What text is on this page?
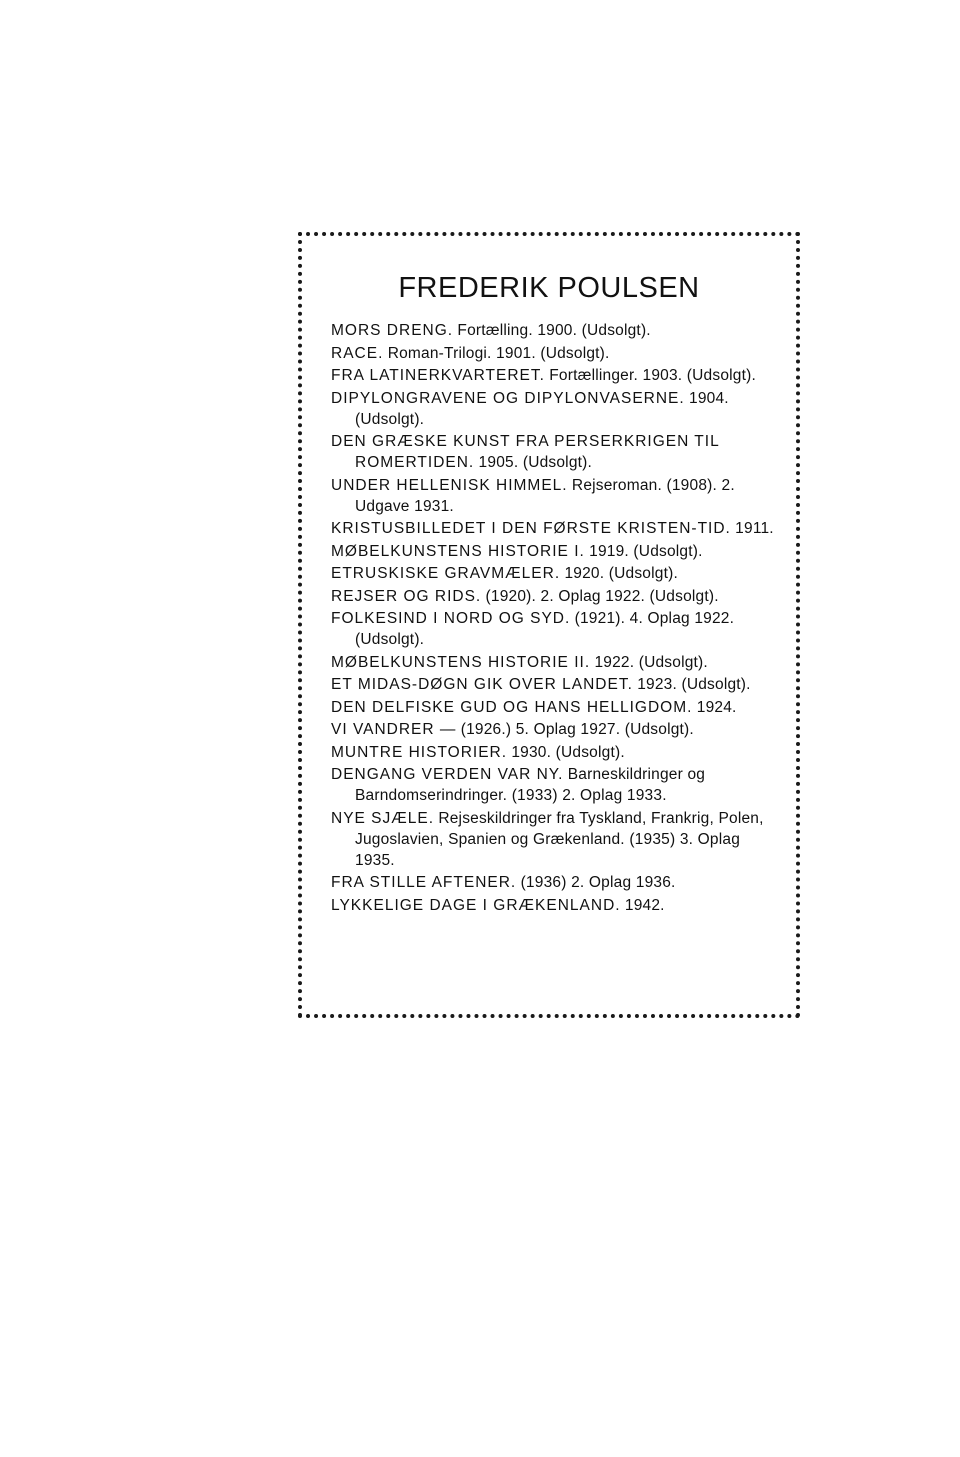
FREDERIK POULSEN
MORS DRENG. Fortælling. 1900. (Udsolgt).
RACE. Roman-Trilogi. 1901. (Udsolgt).
FRA LATINERKVARTERET. Fortællinger. 1903. (Udsolgt).
DIPYLONGRAVENE OG DIPYLONVASERNE. 1904. (Udsolgt).
DEN GRÆSKE KUNST FRA PERSERKRIGEN TIL ROMERTIDEN. 1905. (Udsolgt).
UNDER HELLENISK HIMMEL. Rejseroman. (1908). 2. Udgave 1931.
KRISTUSBILLEDET I DEN FØRSTE KRISTEN-TID. 1911.
MØBELKUNSTENS HISTORIE I. 1919. (Udsolgt).
ETRUSKISKE GRAVMÆLER. 1920. (Udsolgt).
REJSER OG RIDS. (1920). 2. Oplag 1922. (Udsolgt).
FOLKESIND I NORD OG SYD. (1921). 4. Oplag 1922. (Udsolgt).
MØBELKUNSTENS HISTORIE II. 1922. (Udsolgt).
ET MIDAS-DØGN GIK OVER LANDET. 1923. (Udsolgt).
DEN DELFISKE GUD OG HANS HELLIGDOM. 1924.
VI VANDRER — (1926.) 5. Oplag 1927. (Udsolgt).
MUNTRE HISTORIER. 1930. (Udsolgt).
DENGANG VERDEN VAR NY. Barneskildringer og Barndomserindringer. (1933) 2. Oplag 1933.
NYE SJÆLE. Rejseskildringer fra Tyskland, Frankrig, Polen, Jugoslavien, Spanien og Grækenland. (1935) 3. Oplag 1935.
FRA STILLE AFTENER. (1936) 2. Oplag 1936.
LYKKELIGE DAGE I GRÆKENLAND. 1942.
